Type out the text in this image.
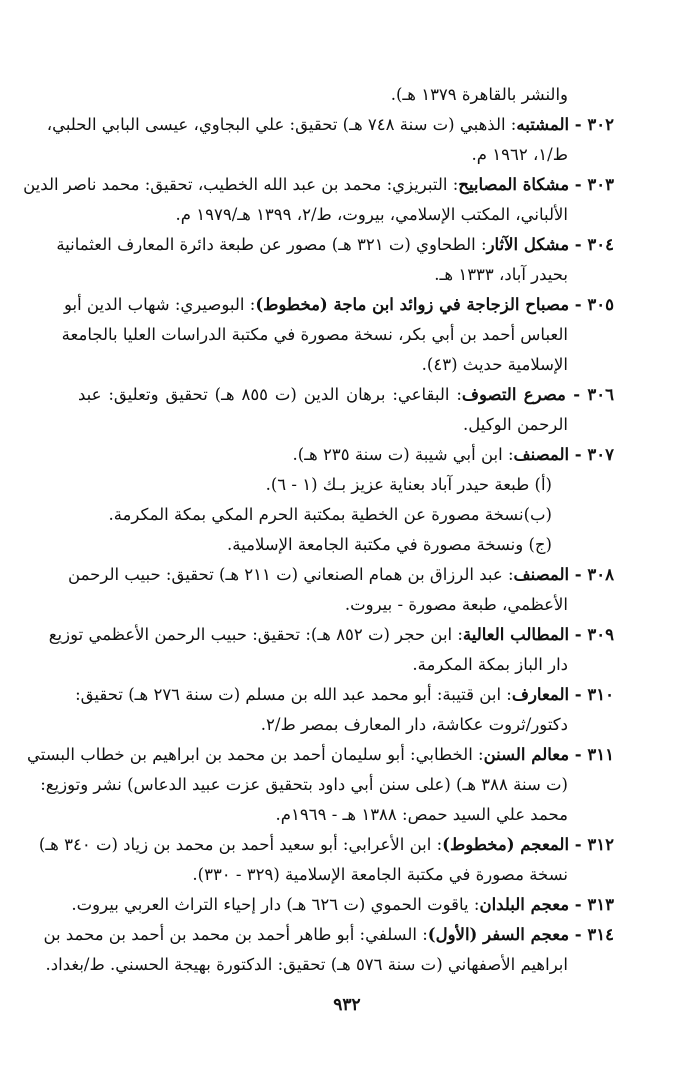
والنشر بالقاهرة ١٣٧٩ هـ).
٣٠٢ - المشتبه: الذهبي (ت سنة ٧٤٨ هـ) تحقيق: علي البجاوي، عيسى البابي الحلبي،
ط/١، ١٩٦٢ م.
٣٠٣ - مشكاة المصابيح: التبريزي: محمد بن عبد الله الخطيب، تحقيق: محمد ناصر الدين
الألباني، المكتب الإسلامي، بيروت، ط/٢، ١٣٩٩ هـ/١٩٧٩ م.
٣٠٤ - مشكل الآثار: الطحاوي (ت ٣٢١ هـ) مصور عن طبعة دائرة المعارف العثمانية
بحيدر آباد، ١٣٣٣ هـ.
٣٠٥ - مصباح الزجاجة في زوائد ابن ماجة (مخطوط): البوصيري: شهاب الدين أبو
العباس أحمد بن أبي بكر، نسخة مصورة في مكتبة الدراسات العليا بالجامعة
الإسلامية حديث (٤٣).
٣٠٦ - مصرع التصوف: البقاعي: برهان الدين (ت ٨٥٥ هـ) تحقيق وتعليق: عبد
الرحمن الوكيل.
٣٠٧ - المصنف: ابن أبي شيبة (ت سنة ٢٣٥ هـ).
(أ) طبعة حيدر آباد بعناية عزيز بـك (١ - ٦).
(ب)نسخة مصورة عن الخطية بمكتبة الحرم المكي بمكة المكرمة.
(ج) ونسخة مصورة في مكتبة الجامعة الإسلامية.
٣٠٨ - المصنف: عبد الرزاق بن همام الصنعاني (ت ٢١١ هـ) تحقيق: حبيب الرحمن
الأعظمي، طبعة مصورة - بيروت.
٣٠٩ - المطالب العالية: ابن حجر (ت ٨٥٢ هـ): تحقيق: حبيب الرحمن الأعظمي توزيع
دار الباز بمكة المكرمة.
٣١٠ - المعارف: ابن قتيبة: أبو محمد عبد الله بن مسلم (ت سنة ٢٧٦ هـ) تحقيق:
دكتور/ثروت عكاشة، دار المعارف بمصر ط/٢.
٣١١ - معالم السنن: الخطابي: أبو سليمان أحمد بن محمد بن ابراهيم بن خطاب البستي
(ت سنة ٣٨٨ هـ) (على سنن أبي داود بتحقيق عزت عبيد الدعاس) نشر وتوزيع:
محمد علي السيد حمص: ١٣٨٨ هـ - ١٩٦٩م.
٣١٢ - المعجم (مخطوط): ابن الأعرابي: أبو سعيد أحمد بن محمد بن زياد (ت ٣٤٠ هـ)
نسخة مصورة في مكتبة الجامعة الإسلامية (٣٢٩ - ٣٣٠).
٣١٣ - معجم البلدان: ياقوت الحموي (ت ٦٢٦ هـ) دار إحياء التراث العربي بيروت.
٣١٤ - معجم السفر (الأول): السلفي: أبو طاهر أحمد بن محمد بن أحمد بن محمد بن
ابراهيم الأصفهاني (ت سنة ٥٧٦ هـ) تحقيق: الدكتورة بهيجة الحسني. ط/بغداد.
٩٣٢
